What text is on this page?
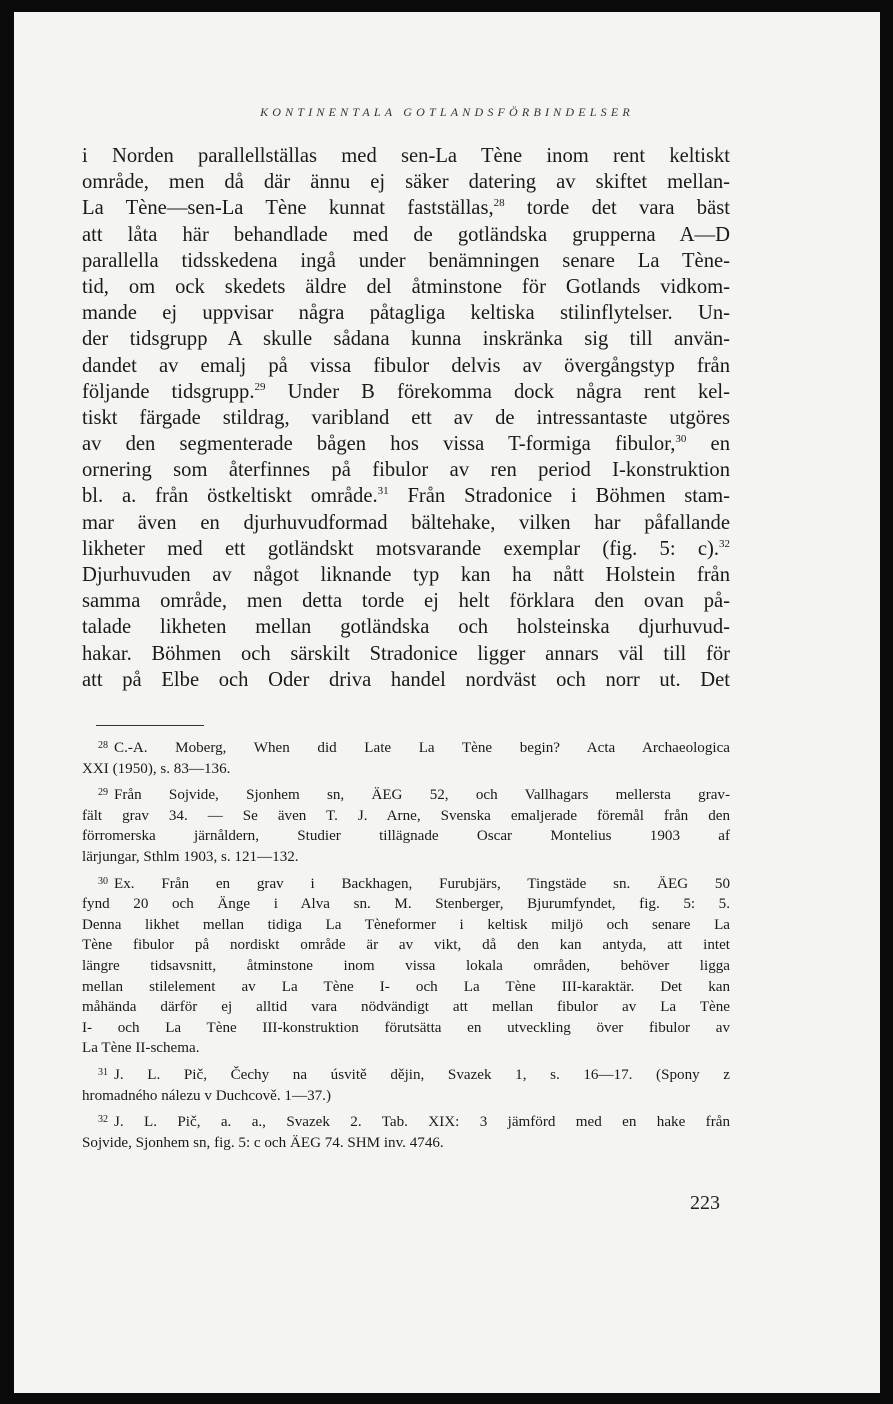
KONTINENTALA GOTLANDSFÖRBINDELSER
i Norden parallellställas med sen-La Tène inom rent keltiskt
område, men då där ännu ej säker datering av skiftet mellan-
La Tène—sen-La Tène kunnat fastställas,$^{28}$ torde det vara bäst
att låta här behandlade med de gotländska grupperna A—D
parallella tidsskedena ingå under benämningen senare La Tène-
tid, om ock skedets äldre del åtminstone för Gotlands vidkom-
mande ej uppvisar några påtagliga keltiska stilinflytelser. Un-
der tidsgrupp A skulle sådana kunna inskränka sig till använ-
dandet av emalj på vissa fibulor delvis av övergångstyp från
följande tidsgrupp.$^{29}$ Under B förekomma dock några rent kel-
tiskt färgade stildrag, varibland ett av de intressantaste utgöres
av den segmenterade bågen hos vissa T-formiga fibulor,$^{30}$ en
ornering som återfinnes på fibulor av ren period I-konstruktion
bl. a. från östkeltiskt område.$^{31}$ Från Stradonice i Böhmen stam-
mar även en djurhuvudformad bältehake, vilken har påfallande
likheter med ett gotländskt motsvarande exemplar (fig. 5: c).$^{32}$
Djurhuvuden av något liknande typ kan ha nått Holstein från
samma område, men detta torde ej helt förklara den ovan på-
talade likheten mellan gotländska och holsteinska djurhuvud-
hakar. Böhmen och särskilt Stradonice ligger annars väl till för
att på Elbe och Oder driva handel nordväst och norr ut. Det
$^{28}$ C.-A. Moberg, When did Late La Tène begin? Acta Archaeologica
XXI (1950), s. 83—136.
$^{29}$ Från Sojvide, Sjonhem sn, ÄEG 52, och Vallhagars mellersta grav-
fält grav 34. — Se även T. J. Arne, Svenska emaljerade föremål från den
förromerska järnåldern, Studier tillägnade Oscar Montelius 1903 af
lärjungar, Sthlm 1903, s. 121—132.
$^{30}$ Ex. Från en grav i Backhagen, Furubjärs, Tingstäde sn. ÄEG 50
fynd 20 och Änge i Alva sn. M. Stenberger, Bjurumfyndet, fig. 5: 5.
Denna likhet mellan tidiga La Tèneformer i keltisk miljö och senare La
Tène fibulor på nordiskt område är av vikt, då den kan antyda, att intet
längre tidsavsnitt, åtminstone inom vissa lokala områden, behöver ligga
mellan stilelement av La Tène I- och La Tène III-karaktär. Det kan
måhända därför ej alltid vara nödvändigt att mellan fibulor av La Tène
I- och La Tène III-konstruktion förutsätta en utveckling över fibulor av
La Tène II-schema.
$^{31}$ J. L. Pič, Čechy na úsvitě dějin, Svazek 1, s. 16—17. (Spony z
hromadného nálezu v Duchcově. 1—37.)
$^{32}$ J. L. Pič, a. a., Svazek 2. Tab. XIX: 3 jämförd med en hake från
Sojvide, Sjonhem sn, fig. 5: c och ÄEG 74. SHM inv. 4746.
223
